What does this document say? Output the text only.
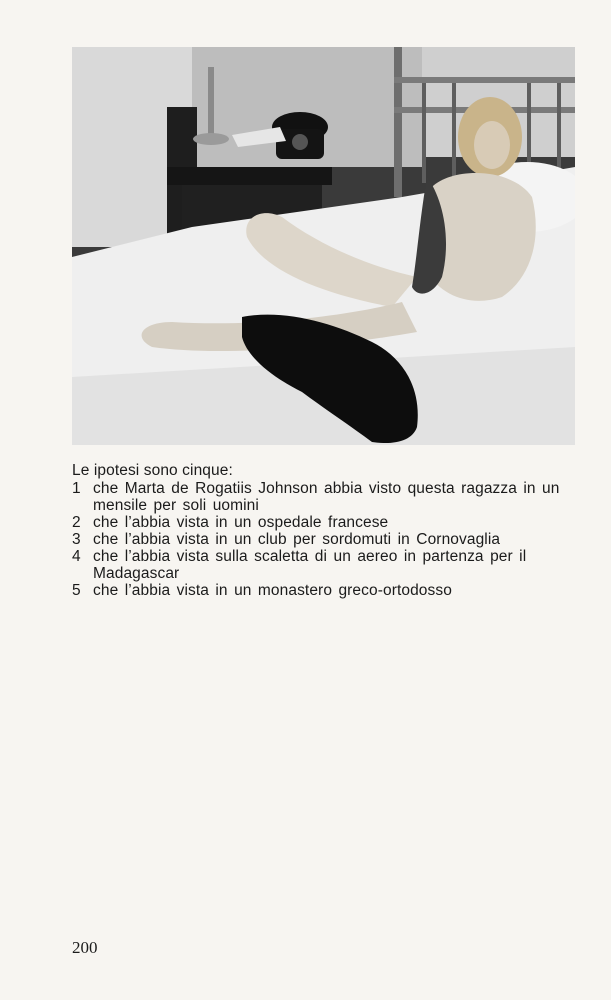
Le ipotesi sono cinque:

1 che Marta de Rogatiis Johnson abbia visto questa ragazza in un mensile per soli uomini
2 che l’abbia vista in un ospedale francese
3 che l’abbia vista in un club per sordomuti in Cornovaglia
4 che l’abbia vista sulla scaletta di un aereo in partenza per il Madagascar
5 che l’abbia vista in un monastero greco-ortodosso
200
